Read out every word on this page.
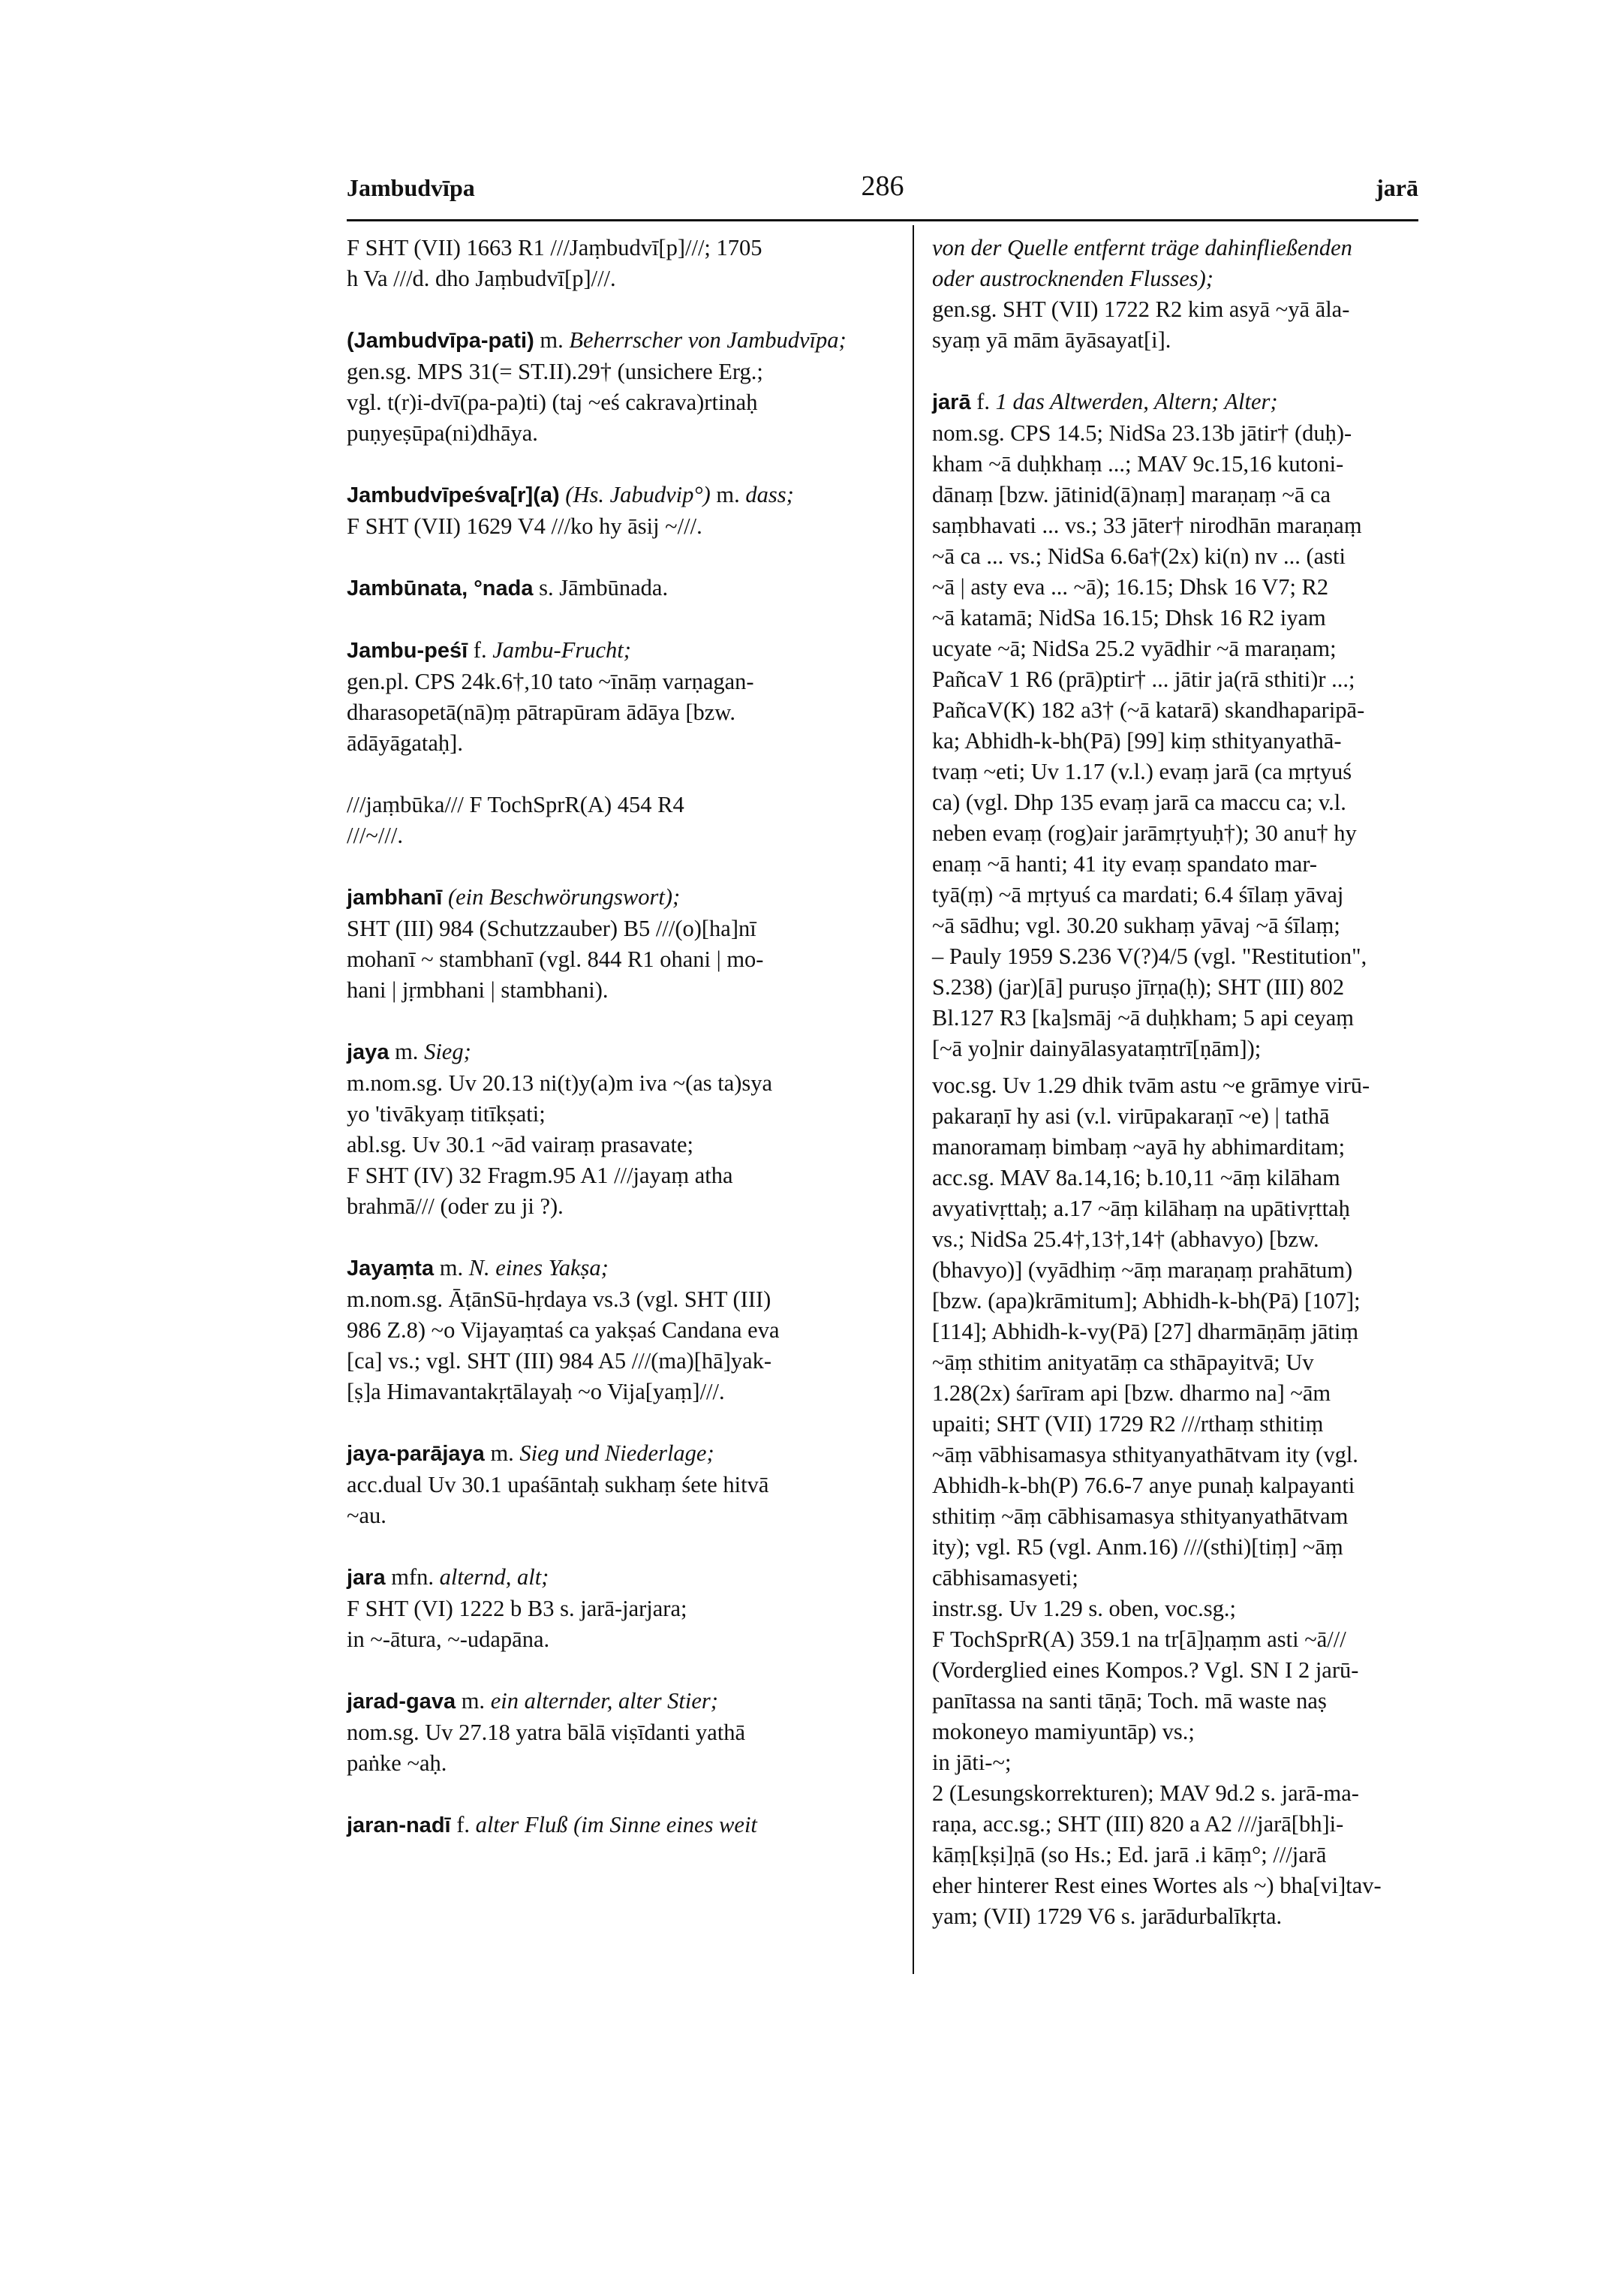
Jambudvīpa	286	jarā
F SHT (VII) 1663 R1 ///Jaṃbudvī[p]///; 1705
h Va ///d. dho Jaṃbudvī[p]///.
(Jambudvīpa-pati) m. Beherrscher von Jambudvīpa;
gen.sg. MPS 31(= ST.II).29† (unsichere Erg.;
vgl. t(r)i-dvī(pa-pa)ti) (taj ~eś cakrava)rtinaḥ
puṇyeṣūpa(ni)dhāya.
Jambudvīpeśva[r](a) (Hs. Jabudvip°) m. dass;
F SHT (VII) 1629 V4 ///ko hy āsij ~///.
Jambūnata, °nada s. Jāmbūnada.
Jambu-peśī f. Jambu-Frucht;
gen.pl. CPS 24k.6†,10 tato ~īnāṃ varṇagan-
dharasopetā(nā)ṃ pātrapūram ādāya [bzw.
ādāyāgataḥ].
///jaṃbūka/// F TochSprR(A) 454 R4
///~///.
jambhanī (ein Beschwörungswort);
SHT (III) 984 (Schutzzauber) B5 ///(o)[ha]nī
mohanī ~ stambhanī (vgl. 844 R1 ohani | mo-
hani | jṛmbhani | stambhani).
jaya m. Sieg;
m.nom.sg. Uv 20.13 ni(t)y(a)m iva ~(as ta)sya
yo 'tivākyaṃ titīkṣati;
abl.sg. Uv 30.1 ~ād vairaṃ prasavate;
F SHT (IV) 32 Fragm.95 A1 ///jayaṃ atha
brahmā/// (oder zu ji ?).
Jayaṃta m. N. eines Yakṣa;
m.nom.sg. ĀṭānSū-hṛdaya vs.3 (vgl. SHT (III)
986 Z.8) ~o Vijayaṃtaś ca yakṣaś Candana eva
[ca] vs.; vgl. SHT (III) 984 A5 ///(ma)[hā]yak-
[ṣ]a Himavantakṛtālayaḥ ~o Vija[yaṃ]///.
jaya-parājaya m. Sieg und Niederlage;
acc.dual Uv 30.1 upaśāntaḥ sukhaṃ śete hitvā
~au.
jara mfn. alternd, alt;
F SHT (VI) 1222 b B3 s. jarā-jarjara;
in ~-ātura, ~-udapāna.
jarad-gava m. ein alternder, alter Stier;
nom.sg. Uv 27.18 yatra bālā viṣīdanti yathā
paṅke ~aḥ.
jaran-nadī f. alter Fluß (im Sinne eines weit
von der Quelle entfernt träge dahinfließenden
oder austrocknenden Flusses);
gen.sg. SHT (VII) 1722 R2 kim asyā ~yā āla-
syaṃ yā mām āyāsayat[i].
jarā f. 1 das Altwerden, Altern; Alter;
nom.sg. CPS 14.5; NidSa 23.13b jātir† (duḥ)-
kham ~ā duḥkhaṃ ...; MAV 9c.15,16 kutoni-
dānaṃ [bzw. jātinid(ā)naṃ] maraṇaṃ ~ā ca
saṃbhavati ... vs.; 33 jāter† nirodhān maraṇaṃ
~ā ca ... vs.; NidSa 6.6a†(2x) ki(n) nv ... (asti
~ā | asty eva ... ~ā); 16.15; Dhsk 16 V7; R2
~ā katamā; NidSa 16.15; Dhsk 16 R2 iyam
ucyate ~ā; NidSa 25.2 vyādhir ~ā maraṇam;
PañcaV 1 R6 (prā)ptir† ... jātir ja(rā sthiti)r ...;
PañcaV(K) 182 a3† (~ā katarā) skandhaparipā-
ka; Abhidh-k-bh(Pā) [99] kiṃ sthityanyathā-
tvaṃ ~eti; Uv 1.17 (v.l.) evaṃ jarā (ca mṛtyuś
ca) (vgl. Dhp 135 evaṃ jarā ca maccu ca; v.l.
neben evaṃ (rog)air jarāmṛtyuḥ†); 30 anu† hy
enaṃ ~ā hanti; 41 ity evaṃ spandato mar-
tyā(ṃ) ~ā mṛtyuś ca mardati; 6.4 śīlaṃ yāvaj
~ā sādhu; vgl. 30.20 sukhaṃ yāvaj ~ā śīlaṃ;
– Pauly 1959 S.236 V(?)4/5 (vgl. "Restitution",
S.238) (jar)[ā] puruṣo jīrṇa(ḥ); SHT (III) 802
Bl.127 R3 [ka]smāj ~ā duḥkham; 5 api ceyaṃ
[~ā yo]nir dainyālasyataṃtrī[ṇām]);
voc.sg. Uv 1.29 dhik tvām astu ~e grāmye virū-
pakaraṇī hy asi (v.l. virūpakaraṇī ~e) | tathā
manoramaṃ bimbaṃ ~ayā hy abhimarditam;
acc.sg. MAV 8a.14,16; b.10,11 ~āṃ kilāham
avyativṛttaḥ; a.17 ~āṃ kilāhaṃ na upātivṛttaḥ
vs.; NidSa 25.4†,13†,14† (abhavyo) [bzw.
(bhavyo)] (vyādhiṃ ~āṃ maraṇaṃ prahātum)
[bzw. (apa)krāmitum]; Abhidh-k-bh(Pā) [107];
[114]; Abhidh-k-vy(Pā) [27] dharmāṇāṃ jātiṃ
~āṃ sthitim anityatāṃ ca sthāpayitvā; Uv
1.28(2x) śarīram api [bzw. dharmo na] ~ām
upaiti; SHT (VII) 1729 R2 ///rthaṃ sthitiṃ
~āṃ vābhisamasya sthityanyathātvam ity (vgl.
Abhidh-k-bh(P) 76.6-7 anye punaḥ kalpayanti
sthitiṃ ~āṃ cābhisamasya sthityanyathātvam
ity); vgl. R5 (vgl. Anm.16) ///(sthi)[tiṃ] ~āṃ
cābhisamasyeti;
instr.sg. Uv 1.29 s. oben, voc.sg.;
F TochSprR(A) 359.1 na tr[ā]ṇaṃm asti ~ā///
(Vorderglied eines Kompos.? Vgl. SN I 2 jarū-
panītassa na santi tāṇā; Toch. mā waste naṣ
mokoneyo mamiyuntāp) vs.;
in jāti-~;
2 (Lesungskorrekturen); MAV 9d.2 s. jarā-ma-
raṇa, acc.sg.; SHT (III) 820 a A2 ///jarā[bh]i-
kāṃ[kṣi]ṇā (so Hs.; Ed. jarā .i kāṃ°; ///jarā
eher hinterer Rest eines Wortes als ~) bha[vi]tav-
yam; (VII) 1729 V6 s. jarādurbalīkṛta.
